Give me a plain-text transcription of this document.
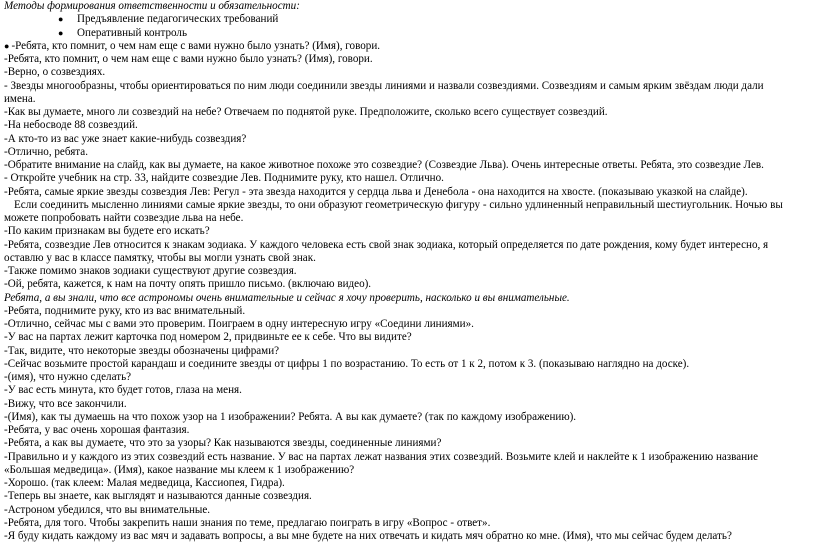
Методы формирования ответственности и обязательности:
● Предъявление педагогических требований
● Оперативный контроль
● -Ребята, кто помнит, о чем нам еще с вами нужно было узнать? (Имя), говори.
-Ребята, кто помнит, о чем нам еще с вами нужно было узнать? (Имя), говори.
-Верно, о созвездиях.
- Звезды многообразны, чтобы ориентироваться по ним люди соединили звезды линиями и назвали созвездиями. Созвездиям и самым ярким звёздам люди дали
имена.
-Как вы думаете, много ли созвездий на небе? Отвечаем по поднятой руке. Предположите, сколько всего существует созвездий.
-На небосводе 88 созвездий.
-А кто-то из вас уже знает какие-нибудь созвездия?
-Отлично, ребята.
-Обратите внимание на слайд, как вы думаете, на какое животное похоже это созвездие? (Созвездие Льва). Очень интересные ответы. Ребята, это созвездие Лев.
- Откройте учебник на стр. 33, найдите созвездие Лев. Поднимите руку, кто нашел. Отлично.
-Ребята, самые яркие звезды созвездия Лев: Регул - эта звезда находится у сердца льва и Денебола - она находится на хвосте. (показываю указкой на слайде).
Если соединить мысленно линиями самые яркие звезды, то они образуют геометрическую фигуру - сильно удлиненный неправильный шестиугольник. Ночью вы
можете попробовать найти созвездие льва на небе.
-По каким признакам вы будете его искать?
-Ребята, созвездие Лев относится к знакам зодиака. У каждого человека есть свой знак зодиака, который определяется по дате рождения, кому будет интересно, я
оставлю у вас в классе памятку, чтобы вы могли узнать свой знак.
-Также помимо знаков зодиаки существуют другие созвездия.
-Ой, ребята, кажется, к нам на почту опять пришло письмо. (включаю видео).
Ребята, а вы знали, что все астрономы очень внимательные и сейчас я хочу проверить, насколько и вы внимательные.
-Ребята, поднимите руку, кто из вас внимательный.
-Отлично, сейчас мы с вами это проверим. Поиграем в одну интересную игру «Соедини линиями».
-У вас на партах лежит карточка под номером 2, придвиньте ее к себе. Что вы видите?
-Так, видите, что некоторые звезды обозначены цифрами?
-Сейчас возьмите простой карандаш и соедините звезды от цифры 1 по возрастанию. То есть от 1 к 2, потом к 3. (показываю наглядно на доске).
-(имя), что нужно сделать?
-У вас есть минута, кто будет готов, глаза на меня.
-Вижу, что все закончили.
-(Имя), как ты думаешь на что похож узор на 1 изображении? Ребята. А вы как думаете? (так по каждому изображению).
-Ребята, у вас очень хорошая фантазия.
-Ребята, а как вы думаете, что это за узоры? Как называются звезды, соединенные линиями?
-Правильно и у каждого из этих созвездий есть название. У вас на партах лежат названия этих созвездий. Возьмите клей и наклейте к 1 изображению название
«Большая медведица». (Имя), какое название мы клеем к 1 изображению?
-Хорошо. (так клеем: Малая медведица, Кассиопея, Гидра).
-Теперь вы знаете, как выглядят и называются данные созвездия.
-Астроном убедился, что вы внимательные.
-Ребята, для того. Чтобы закрепить наши знания по теме, предлагаю поиграть в игру «Вопрос - ответ».
-Я буду кидать каждому из вас мяч и задавать вопросы, а вы мне будете на них отвечать и кидать мяч обратно ко мне. (Имя), что мы сейчас будем делать?
